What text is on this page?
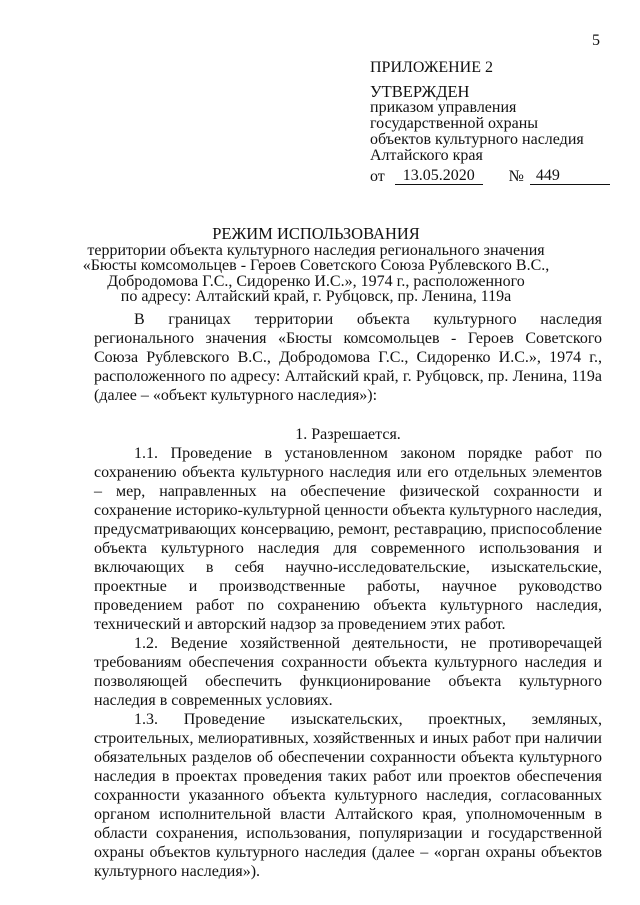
5
ПРИЛОЖЕНИЕ 2
УТВЕРЖДЕН
приказом управления
государственной охраны
объектов культурного наследия
Алтайского края
от	13.05.2020	№ 449
РЕЖИМ ИСПОЛЬЗОВАНИЯ
территории объекта культурного наследия регионального значения
«Бюсты комсомольцев - Героев Советского Союза Рублевского В.С.,
Добродомова Г.С., Сидоренко И.С.», 1974 г., расположенного
по адресу: Алтайский край, г. Рубцовск, пр. Ленина, 119а

В границах территории объекта культурного наследия регионального значения «Бюсты комсомольцев - Героев Советского Союза Рублевского В.С., Добродомова Г.С., Сидоренко И.С.», 1974 г., расположенного по адресу: Алтайский край, г. Рубцовск, пр. Ленина, 119а (далее – «объект культурного наследия»):

1. Разрешается.

1.1. Проведение в установленном законом порядке работ по сохранению объекта культурного наследия или его отдельных элементов – мер, направленных на обеспечение физической сохранности и сохранение историко-культурной ценности объекта культурного наследия, предусматривающих консервацию, ремонт, реставрацию, приспособление объекта культурного наследия для современного использования и включающих в себя научно-исследовательские, изыскательские, проектные и производственные работы, научное руководство проведением работ по сохранению объекта культурного наследия, технический и авторский надзор за проведением этих работ.

1.2. Ведение хозяйственной деятельности, не противоречащей требованиям обеспечения сохранности объекта культурного наследия и позволяющей обеспечить функционирование объекта культурного наследия в современных условиях.

1.3. Проведение изыскательских, проектных, земляных, строительных, мелиоративных, хозяйственных и иных работ при наличии обязательных разделов об обеспечении сохранности объекта культурного наследия в проектах проведения таких работ или проектов обеспечения сохранности указанного объекта культурного наследия, согласованных органом исполнительной власти Алтайского края, уполномоченным в области сохранения, использования, популяризации и государственной охраны объектов культурного наследия (далее – «орган охраны объектов культурного наследия»).
